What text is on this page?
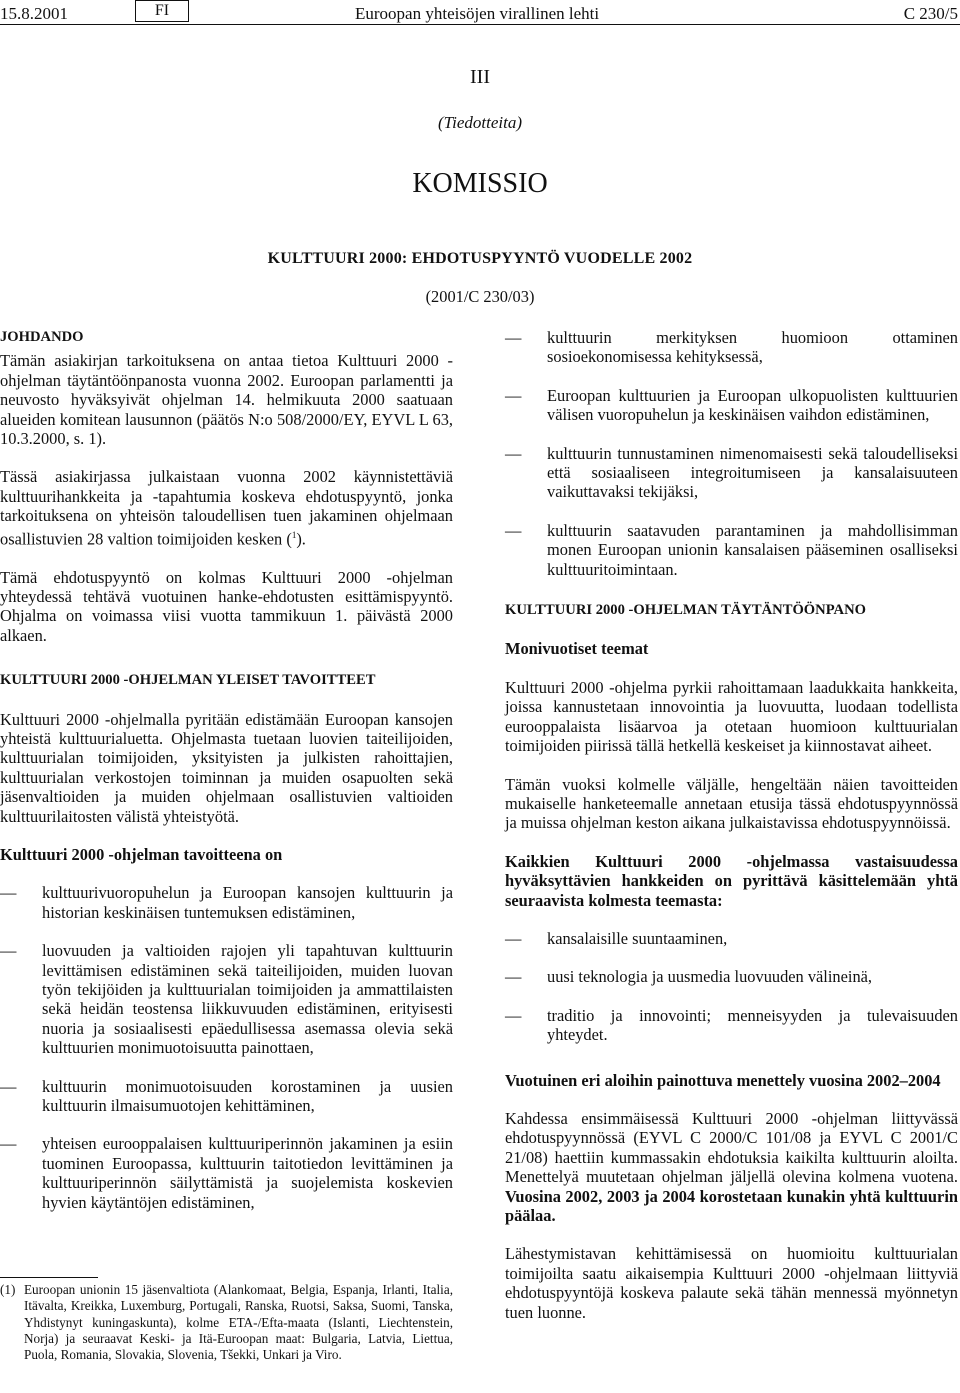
15.8.2001	FI	Euroopan yhteisöjen virallinen lehti	C 230/5
III
(Tiedotteita)
KOMISSIO
KULTTUURI 2000: EHDOTUSPYYNTÖ VUODELLE 2002
(2001/C 230/03)
JOHDANDO

Tämän asiakirjan tarkoituksena on antaa tietoa Kulttuuri 2000 -ohjelman täytäntöönpanosta vuonna 2002. Euroopan parlamentti ja neuvosto hyväksyivät ohjelman 14. helmikuuta 2000 saatuaan alueiden komitean lausunnon (päätös N:o 508/2000/EY, EYVL L 63, 10.3.2000, s. 1).

Tässä asiakirjassa julkaistaan vuonna 2002 käynnistettäviä kulttuurihankkeita ja -tapahtumia koskeva ehdotuspyyntö, jonka tarkoituksena on yhteisön taloudellisen tuen jakaminen ohjelmaan osallistuvien 28 valtion toimijoiden kesken ($^1$).

Tämä ehdotuspyyntö on kolmas Kulttuuri 2000 -ohjelman yhteydessä tehtävä vuotuinen hanke-ehdotusten esittämispyyntö. Ohjalma on voimassa viisi vuotta tammikuun 1. päivästä 2000 alkaen.

KULTTUURI 2000 -OHJELMAN YLEISET TAVOITTEET

Kulttuuri 2000 -ohjelmalla pyritään edistämään Euroopan kansojen yhteistä kulttuurialuetta. Ohjelmasta tuetaan luovien taiteilijoiden, kulttuurialan toimijoiden, yksityisten ja julkisten rahoittajien, kulttuurialan verkostojen toiminnan ja muiden osapuolten sekä jäsenvaltioiden ja muiden ohjelmaan osallistuvien valtioiden kulttuurilaitosten välistä yhteistyötä.

Kulttuuri 2000 -ohjelman tavoitteena on
—	kulttuurivuoropuhelun ja Euroopan kansojen kulttuurin ja historian keskinäisen tuntemuksen edistäminen,
—	luovuuden ja valtioiden rajojen yli tapahtuvan kulttuurin levittämisen edistäminen sekä taiteilijoiden, muiden luovan työn tekijöiden ja kulttuurialan toimijoiden ja ammattilaisten sekä heidän teostensa liikkuvuuden edistäminen, erityisesti nuoria ja sosiaalisesti epäedullisessa asemassa olevia sekä kulttuurien monimuotoisuutta painottaen,
—	kulttuurin monimuotoisuuden korostaminen ja uusien kulttuurin ilmaisumuotojen kehittäminen,
—	yhteisen eurooppalaisen kulttuuriperinnön jakaminen ja esiin tuominen Euroopassa, kulttuurin taitotiedon levittäminen ja kulttuuriperinnön säilyttämistä ja suojelemista koskevien hyvien käytäntöjen edistäminen,
(1) Euroopan unionin 15 jäsenvaltiota (Alankomaat, Belgia, Espanja, Irlanti, Italia, Itävalta, Kreikka, Luxemburg, Portugali, Ranska, Ruotsi, Saksa, Suomi, Tanska, Yhdistynyt kuningaskunta), kolme ETA-/Efta-maata (Islanti, Liechtenstein, Norja) ja seuraavat Keski- ja Itä-Euroopan maat: Bulgaria, Latvia, Liettua, Puola, Romania, Slovakia, Slovenia, Tšekki, Unkari ja Viro.
—	kulttuurin merkityksen huomioon ottaminen sosioekonomisessa kehityksessä,
—	Euroopan kulttuurien ja Euroopan ulkopuolisten kulttuurien välisen vuoropuhelun ja keskinäisen vaihdon edistäminen,
—	kulttuurin tunnustaminen nimenomaisesti sekä taloudelliseksi että sosiaaliseen integroitumiseen ja kansalaisuuteen vaikuttavaksi tekijäksi,
—	kulttuurin saatavuden parantaminen ja mahdollisimman monen Euroopan unionin kansalaisen pääseminen osalliseksi kulttuuritoimintaan.
KULTTUURI 2000 -OHJELMAN TÄYTÄNTÖÖNPANO
Monivuotiset teemat

Kulttuuri 2000 -ohjelma pyrkii rahoittamaan laadukkaita hankkeita, joissa kannustetaan innovointia ja luovuutta, luodaan todellista eurooppalaista lisäarvoa ja otetaan huomioon kulttuurialan toimijoiden piirissä tällä hetkellä keskeiset ja kiinnostavat aiheet.

Tämän vuoksi kolmelle väljälle, hengeltään näien tavoitteiden mukaiselle hanketeemalle annetaan etusija tässä ehdotuspyynnössä ja muissa ohjelman keston aikana julkaistavissa ehdotuspyynnöissä.

Kaikkien Kulttuuri 2000 -ohjelmassa vastaisuudessa hyväksyttävien hankkeiden on pyrittävä käsittelemään yhtä seuraavista kolmesta teemasta:

—	kansalaisille suuntaaminen,
—	uusi teknologia ja uusmedia luovuuden välineinä,
—	traditio ja innovointi; menneisyyden ja tulevaisuuden yhteydet.

Vuotuinen eri aloihin painottuva menettely vuosina 2002–2004

Kahdessa ensimmäisessä Kulttuuri 2000 -ohjelman liittyvässä ehdotuspyynnössä (EYVL C 2000/C 101/08 ja EYVL C 2001/C 21/08) haettiin kummassakin ehdotuksia kaikilta kulttuurin aloilta. Menettelyä muutetaan ohjelman jäljellä olevina kolmena vuotena. Vuosina 2002, 2003 ja 2004 korostetaan kunakin yhtä kulttuurin päälaa.

Lähestymistavan kehittämisessä on huomioitu kulttuurialan toimijoilta saatu aikaisempia Kulttuuri 2000 -ohjelmaan liittyviä ehdotuspyyntöjä koskeva palaute sekä tähän mennessä myönnetyn tuen luonne.
